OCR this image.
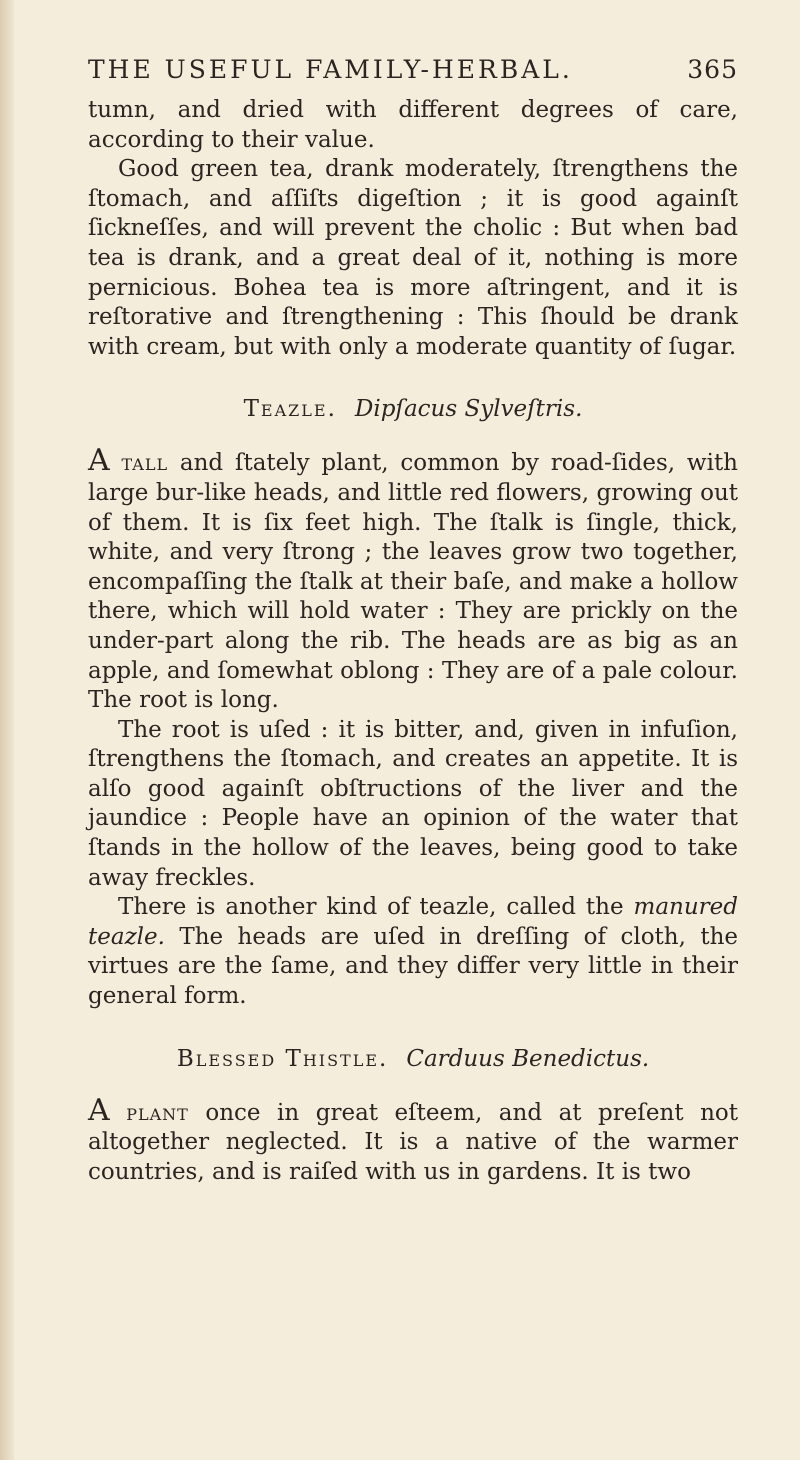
THE USEFUL FAMILY-HERBAL.	365

tumn, and dried with different degrees of care, according to their value.

Good green tea, drank moderately, ſtrengthens the ſtomach, and aſſiſts digeſtion ; it is good againſt ſickneſſes, and will prevent the cholic : But when bad tea is drank, and a great deal of it, nothing is more pernicious. Bohea tea is more aſtringent, and it is reſtorative and ſtrengthening : This ſhould be drank with cream, but with only a moderate quantity of ſugar.

Teazle. Dipſacus Sylveſtris.

A tall and ſtately plant, common by road-ſides, with large bur-like heads, and little red flowers, growing out of them. It is ſix feet high. The ſtalk is ſingle, thick, white, and very ſtrong ; the leaves grow two together, encompaſſing the ſtalk at their baſe, and make a hollow there, which will hold water : They are prickly on the under-part along the rib. The heads are as big as an apple, and ſomewhat oblong : They are of a pale colour. The root is long.

The root is uſed : it is bitter, and, given in infuſion, ſtrengthens the ſtomach, and creates an appetite. It is alſo good againſt obſtructions of the liver and the jaundice : People have an opinion of the water that ſtands in the hollow of the leaves, being good to take away freckles.

There is another kind of teazle, called the manured teazle. The heads are uſed in dreſſing of cloth, the virtues are the ſame, and they differ very little in their general form.

Blessed Thistle. Carduus Benedictus.

A plant once in great eſteem, and at preſent not altogether neglected. It is a native of the warmer countries, and is raiſed with us in gardens. It is two
